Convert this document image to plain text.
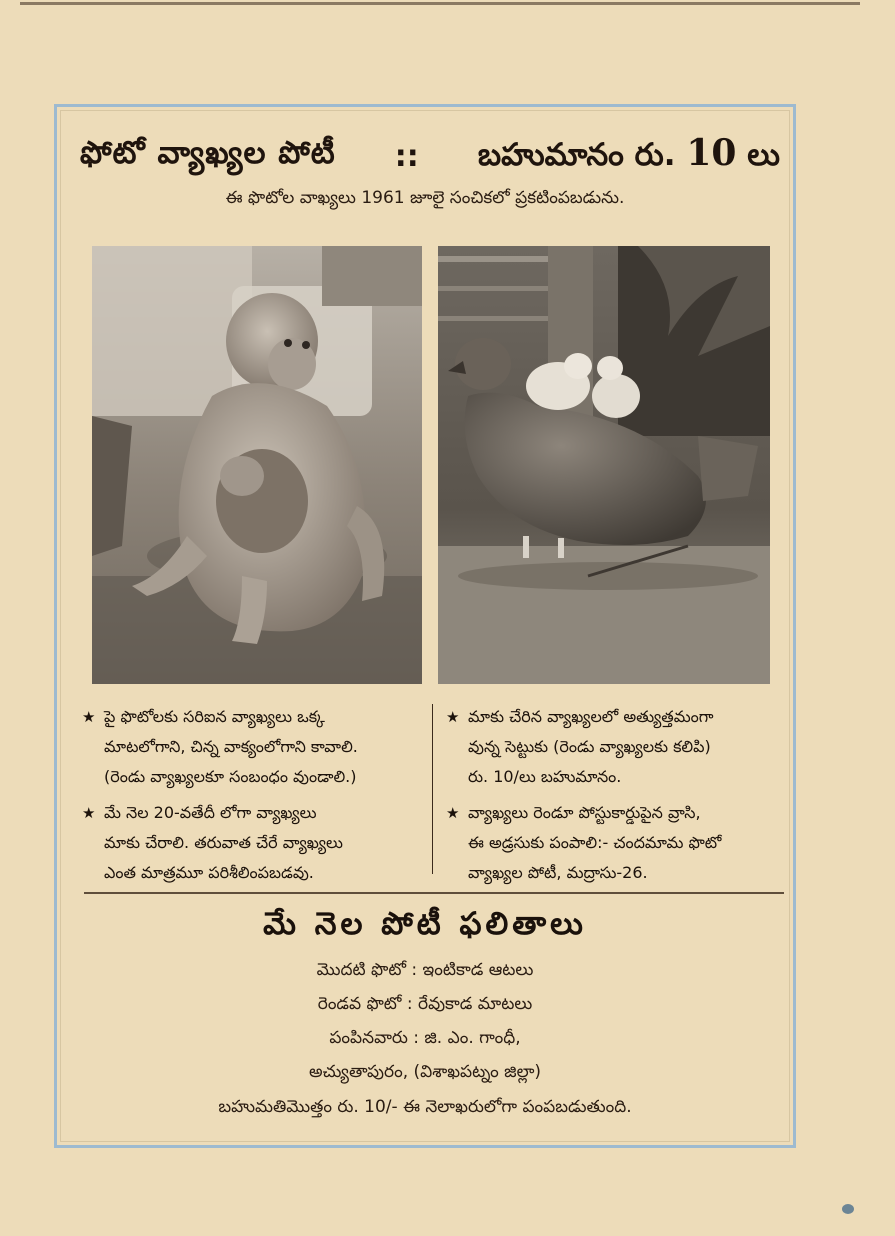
ఫోటో వ్యాఖ్యల పోటీ	::	బహుమానం రు. 10 లు
ఈ ఫొటోల వాఖ్యలు 1961 జూలై సంచికలో ప్రకటింపబడును.
★ పై ఫొటోలకు సరిఐన వ్యాఖ్యలు ఒక్క
మాటలోగాని, చిన్న వాక్యంలోగాని కావాలి.
(రెండు వ్యాఖ్యలకూ సంబంధం వుండాలి.)
★ మే నెల 20-వతేదీ లోగా వ్యాఖ్యలు
మాకు చేరాలి. తరువాత చేరే వ్యాఖ్యలు
ఎంత మాత్రమూ పరిశీలింపబడవు.
★ మాకు చేరిన వ్యాఖ్యలలో అత్యుత్తమంగా
వున్న సెట్టుకు (రెండు వ్యాఖ్యలకు కలిపి)
రు. 10/లు బహుమానం.
★ వ్యాఖ్యలు రెండూ పోస్టుకార్డుపైన వ్రాసి,
ఈ అడ్రసుకు పంపాలి:- చందమామ ఫొటో
వ్యాఖ్యల పోటీ, మద్రాసు-26.
మే నెల పోటీ ఫలితాలు
మొదటి ఫొటో : ఇంటికాడ ఆటలు
రెండవ ఫొటో : రేవుకాడ మాటలు
పంపినవారు : జి. ఎం. గాంధీ,
అచ్యుతాపురం, (విశాఖపట్నం జిల్లా)
బహుమతిమొత్తం రు. 10/- ఈ నెలాఖరులోగా పంపబడుతుంది.
